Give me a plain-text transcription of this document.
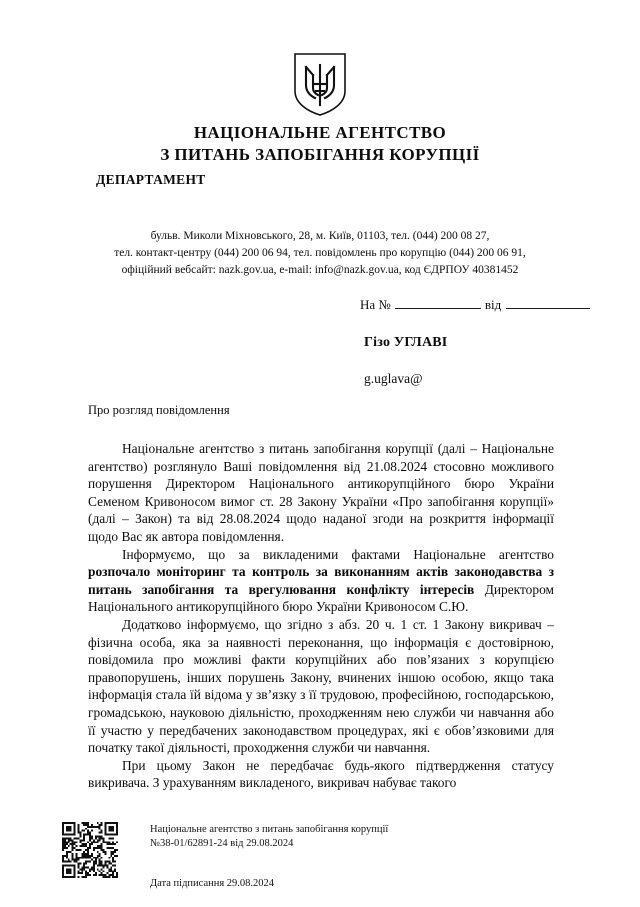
НАЦІОНАЛЬНЕ АГЕНТСТВО
З ПИТАНЬ ЗАПОБІГАННЯ КОРУПЦІЇ
ДЕПАРТАМЕНТ
бульв. Миколи Міхновського, 28, м. Київ, 01103, тел. (044) 200 08 27,
тел. контакт-центру (044) 200 06 94, тел. повідомлень про корупцію (044) 200 06 91,
офіційний вебсайт: nazk.gov.ua, e-mail: info@nazk.gov.ua, код ЄДРПОУ 40381452
На №	від
Гізо УГЛАВІ
g.uglava@
Про розгляд повідомлення

Національне агентство з питань запобігання корупції (далі – Національне агентство) розглянуло Ваші повідомлення від 21.08.2024 стосовно можливого порушення Директором Національного антикорупційного бюро України Семеном Кривоносом вимог ст. 28 Закону України «Про запобігання корупції» (далі – Закон) та від 28.08.2024 щодо наданої згоди на розкриття інформації щодо Вас як автора повідомлення.

Інформуємо, що за викладеними фактами Національне агентство розпочало моніторинг та контроль за виконанням актів законодавства з питань запобігання та врегулювання конфлікту інтересів Директором Національного антикорупційного бюро України Кривоносом С.Ю.

Додатково інформуємо, що згідно з абз. 20 ч. 1 ст. 1 Закону викривач – фізична особа, яка за наявності переконання, що інформація є достовірною, повідомила про можливі факти корупційних або пов’язаних з корупцією правопорушень, інших порушень Закону, вчинених іншою особою, якщо така інформація стала їй відома у зв’язку з її трудовою, професійною, господарською, громадською, науковою діяльністю, проходженням нею служби чи навчання або її участю у передбачених законодавством процедурах, які є обов’язковими для початку такої діяльності, проходження служби чи навчання.

При цьому Закон не передбачає будь-якого підтвердження статусу викривача. З урахуванням викладеного, викривач набуває такого

Національне агентство з питань запобігання корупції
№38-01/62891-24 від 29.08.2024
Дата підписання 29.08.2024
